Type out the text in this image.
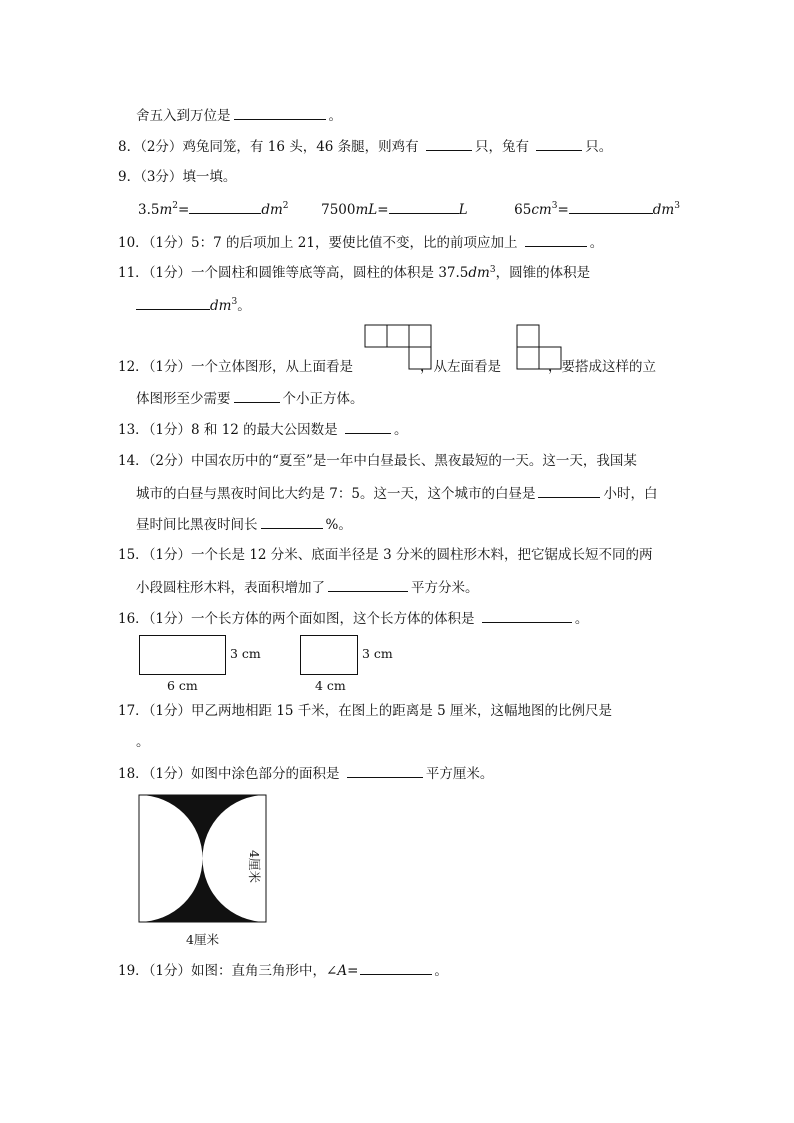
舍五入到万位是	。
8．（2分）鸡兔同笼，有 16 头，46 条腿，则鸡有	只，兔有	只。
9．（3分）填一填。
$3.5m^2=$	$dm^2$ 7500mL=	L	$65cm^3=$	$dm^3$
10．（1分）5：7 的后项加上 21，要使比值不变，比的前项应加上	。
11．（1分）一个圆柱和圆锥等底等高，圆柱的体积是 $37.5dm^3$，圆锥的体积是
$dm^3$。
12．（1分）一个立体图形，从上面看是	，从左面看是	，要搭成这样的立
体图形至少需要	个小正方体。
13．（1分）8 和 12 的最大公因数是	。
14．（2分）中国农历中的“夏至”是一年中白昼最长、黑夜最短的一天。这一天，我国某
城市的白昼与黑夜时间比大约是 7：5。这一天，这个城市的白昼是	小时，白
昼时间比黑夜时间长	%。
15．（1分）一个长是 12 分米、底面半径是 3 分米的圆柱形木料，把它锯成长短不同的两
小段圆柱形木料，表面积增加了	平方分米。
16．（1分）一个长方体的两个面如图，这个长方体的体积是	。
3 cm
6 cm
3 cm
4 cm
17．（1分）甲乙两地相距 15 千米，在图上的距离是 5 厘米，这幅地图的比例尺是
。
18．（1分）如图中涂色部分的面积是	平方厘米。
4厘米
4厘米
19．（1分）如图：直角三角形中，∠A=	。
